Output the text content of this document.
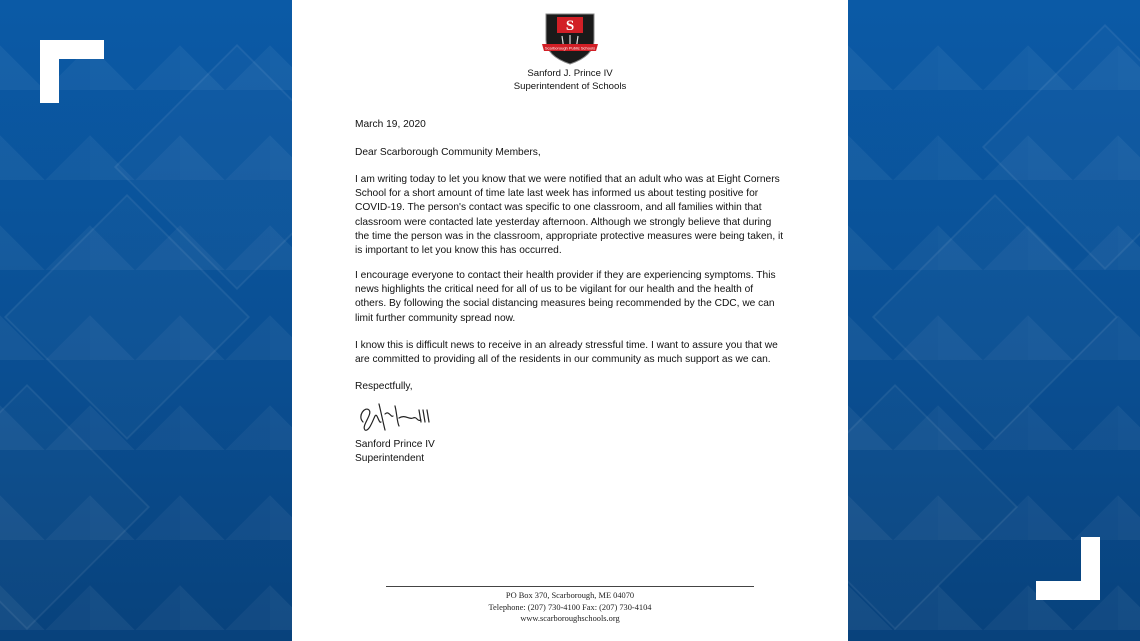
S
Scarborough Public Schools
Sanford J. Prince IV
Superintendent of Schools
March 19, 2020
Dear Scarborough Community Members,

I am writing today to let you know that we were notified that an adult who was at Eight Corners School for a short amount of time late last week has informed us about testing positive for COVID-19. The person's contact was specific to one classroom, and all families within that classroom were contacted late yesterday afternoon. Although we strongly believe that during the time the person was in the classroom, appropriate protective measures were being taken, it is important to let you know this has occurred.

I encourage everyone to contact their health provider if they are experiencing symptoms. This news highlights the critical need for all of us to be vigilant for our health and the health of others. By following the social distancing measures being recommended by the CDC, we can limit further community spread now.

I know this is difficult news to receive in an already stressful time. I want to assure you that we are committed to providing all of the residents in our community as much support as we can.

Respectfully,
Sanford Prince IV
Superintendent
PO Box 370, Scarborough, ME 04070
Telephone: (207) 730-4100 Fax: (207) 730-4104
www.scarboroughschools.org
